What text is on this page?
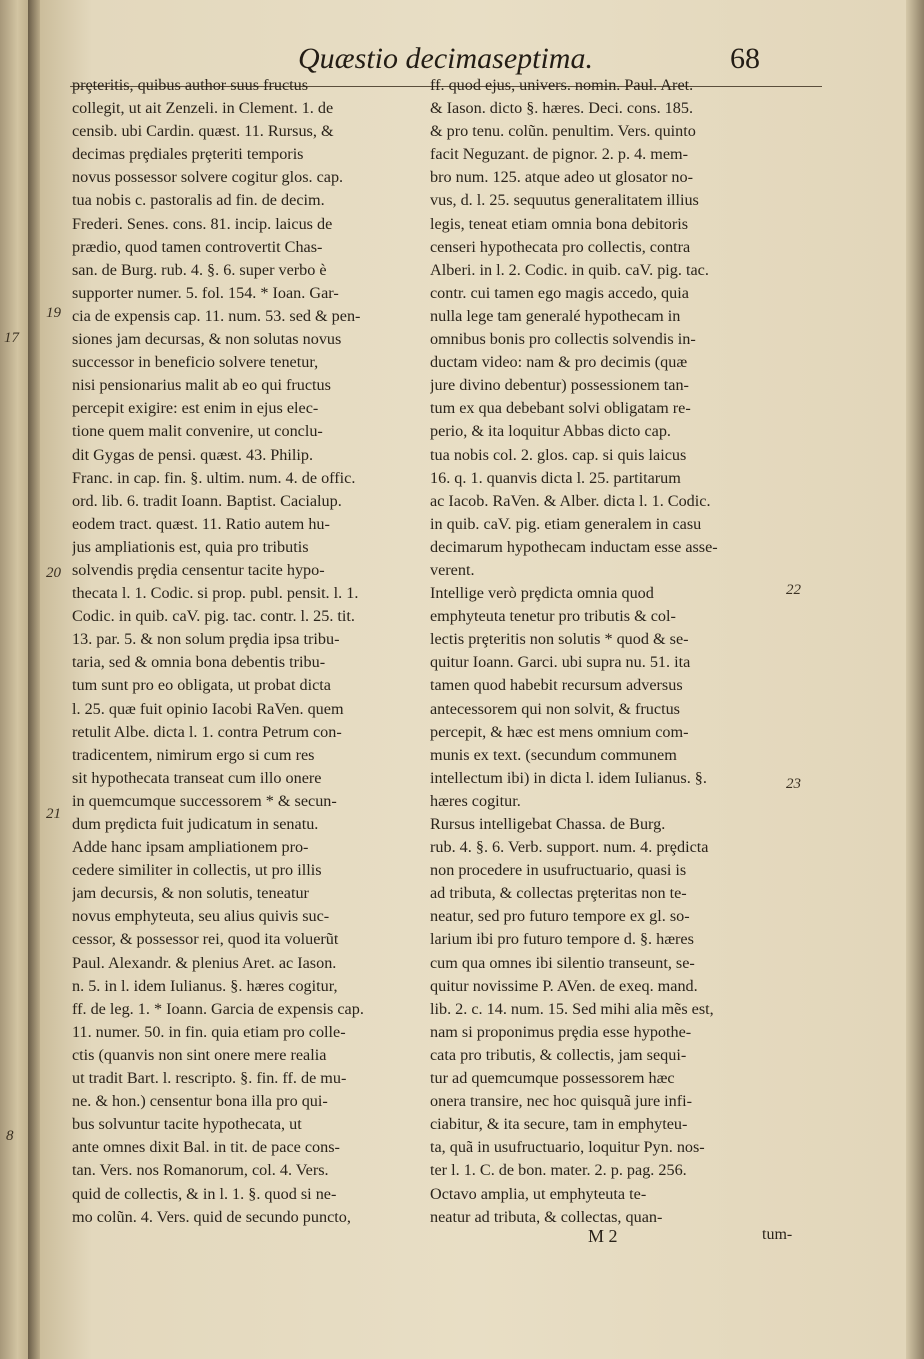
17
8
Quæstio decimaseptima.	68
prȩteritis, quibus author suus fructus
collegit, ut ait Zenzeli. in Clement. 1. de
censib. ubi Cardin. quæst. 11. Rursus, &
decimas prȩdiales prȩteriti temporis
novus possessor solvere cogitur glos. cap.
tua nobis c. pastoralis ad fin. de decim.
Frederi. Senes. cons. 81. incip. laicus de
prædio, quod tamen controvertit Chas-
san. de Burg. rub. 4. §. 6. super verbo è
supporter numer. 5. fol. 154. * Ioan. Gar-
cia de expensis cap. 11. num. 53. sed & pen-
siones jam decursas, & non solutas novus
successor in beneficio solvere tenetur,
nisi pensionarius malit ab eo qui fructus
percepit exigire: est enim in ejus elec-
tione quem malit convenire, ut conclu-
dit Gygas de pensi. quæst. 43. Philip.
Franc. in cap. fin. §. ultim. num. 4. de offic.
ord. lib. 6. tradit Ioann. Baptist. Cacialup.
eodem tract. quæst. 11. Ratio autem hu-
jus ampliationis est, quia pro tributis
solvendis prȩdia censentur tacite hypo-
thecata l. 1. Codic. si prop. publ. pensit. l. 1.
Codic. in quib. caV. pig. tac. contr. l. 25. tit.
13. par. 5. & non solum prȩdia ipsa tribu-
taria, sed & omnia bona debentis tribu-
tum sunt pro eo obligata, ut probat dicta
l. 25. quæ fuit opinio Iacobi RaVen. quem
retulit Albe. dicta l. 1. contra Petrum con-
tradicentem, nimirum ergo si cum res
sit hypothecata transeat cum illo onere
in quemcumque successorem * & secun-
dum prȩdicta fuit judicatum in senatu.
Adde hanc ipsam ampliationem pro-
cedere similiter in collectis, ut pro illis
jam decursis, & non solutis, teneatur
novus emphyteuta, seu alius quivis suc-
cessor, & possessor rei, quod ita voluerũt
Paul. Alexandr. & plenius Aret. ac Iason.
n. 5. in l. idem Iulianus. §. hæres cogitur,
ff. de leg. 1. * Ioann. Garcia de expensis cap.
11. numer. 50. in fin. quia etiam pro colle-
ctis (quanvis non sint onere mere realia
ut tradit Bart. l. rescripto. §. fin. ff. de mu-
ne. & hon.) censentur bona illa pro qui-
bus solvuntur tacite hypothecata, ut
ante omnes dixit Bal. in tit. de pace cons-
tan. Vers. nos Romanorum, col. 4. Vers.
quid de collectis, & in l. 1. §. quod si ne-
mo colũn. 4. Vers. quid de secundo puncto,
ff. quod ejus, univers. nomin. Paul. Aret.
& Iason. dicto §. hæres. Deci. cons. 185.
& pro tenu. colũn. penultim. Vers. quinto
facit Neguzant. de pignor. 2. p. 4. mem-
bro num. 125. atque adeo ut glosator no-
vus, d. l. 25. sequutus generalitatem illius
legis, teneat etiam omnia bona debitoris
censeri hypothecata pro collectis, contra
Alberi. in l. 2. Codic. in quib. caV. pig. tac.
contr. cui tamen ego magis accedo, quia
nulla lege tam generalé hypothecam in
omnibus bonis pro collectis solvendis in-
ductam video: nam & pro decimis (quæ
jure divino debentur) possessionem tan-
tum ex qua debebant solvi obligatam re-
perio, & ita loquitur Abbas dicto cap.
tua nobis col. 2. glos. cap. si quis laicus
16. q. 1. quanvis dicta l. 25. partitarum
ac Iacob. RaVen. & Alber. dicta l. 1. Codic.
in quib. caV. pig. etiam generalem in casu
decimarum hypothecam inductam esse asse-
verent.
Intellige verò prȩdicta omnia quod
emphyteuta tenetur pro tributis & col-
lectis prȩteritis non solutis * quod & se-
quitur Ioann. Garci. ubi supra nu. 51. ita
tamen quod habebit recursum adversus
antecessorem qui non solvit, & fructus
percepit, & hæc est mens omnium com-
munis ex text. (secundum communem
intellectum ibi) in dicta l. idem Iulianus. §.
hæres cogitur.
Rursus intelligebat Chassa. de Burg.
rub. 4. §. 6. Verb. support. num. 4. prȩdicta
non procedere in usufructuario, quasi is
ad tributa, & collectas prȩteritas non te-
neatur, sed pro futuro tempore ex gl. so-
larium ibi pro futuro tempore d. §. hæres
cum qua omnes ibi silentio transeunt, se-
quitur novissime P. AVen. de exeq. mand.
lib. 2. c. 14. num. 15. Sed mihi alia mẽs est,
nam si proponimus prȩdia esse hypothe-
cata pro tributis, & collectis, jam sequi-
tur ad quemcumque possessorem hæc
onera transire, nec hoc quisquã jure infi-
ciabitur, & ita secure, tam in emphyteu-
ta, quã in usufructuario, loquitur Pyn. nos-
ter l. 1. C. de bon. mater. 2. p. pag. 256.
Octavo amplia, ut emphyteuta te-
neatur ad tributa, & collectas, quan-
19
20
21
22
23
M 2	tum-
